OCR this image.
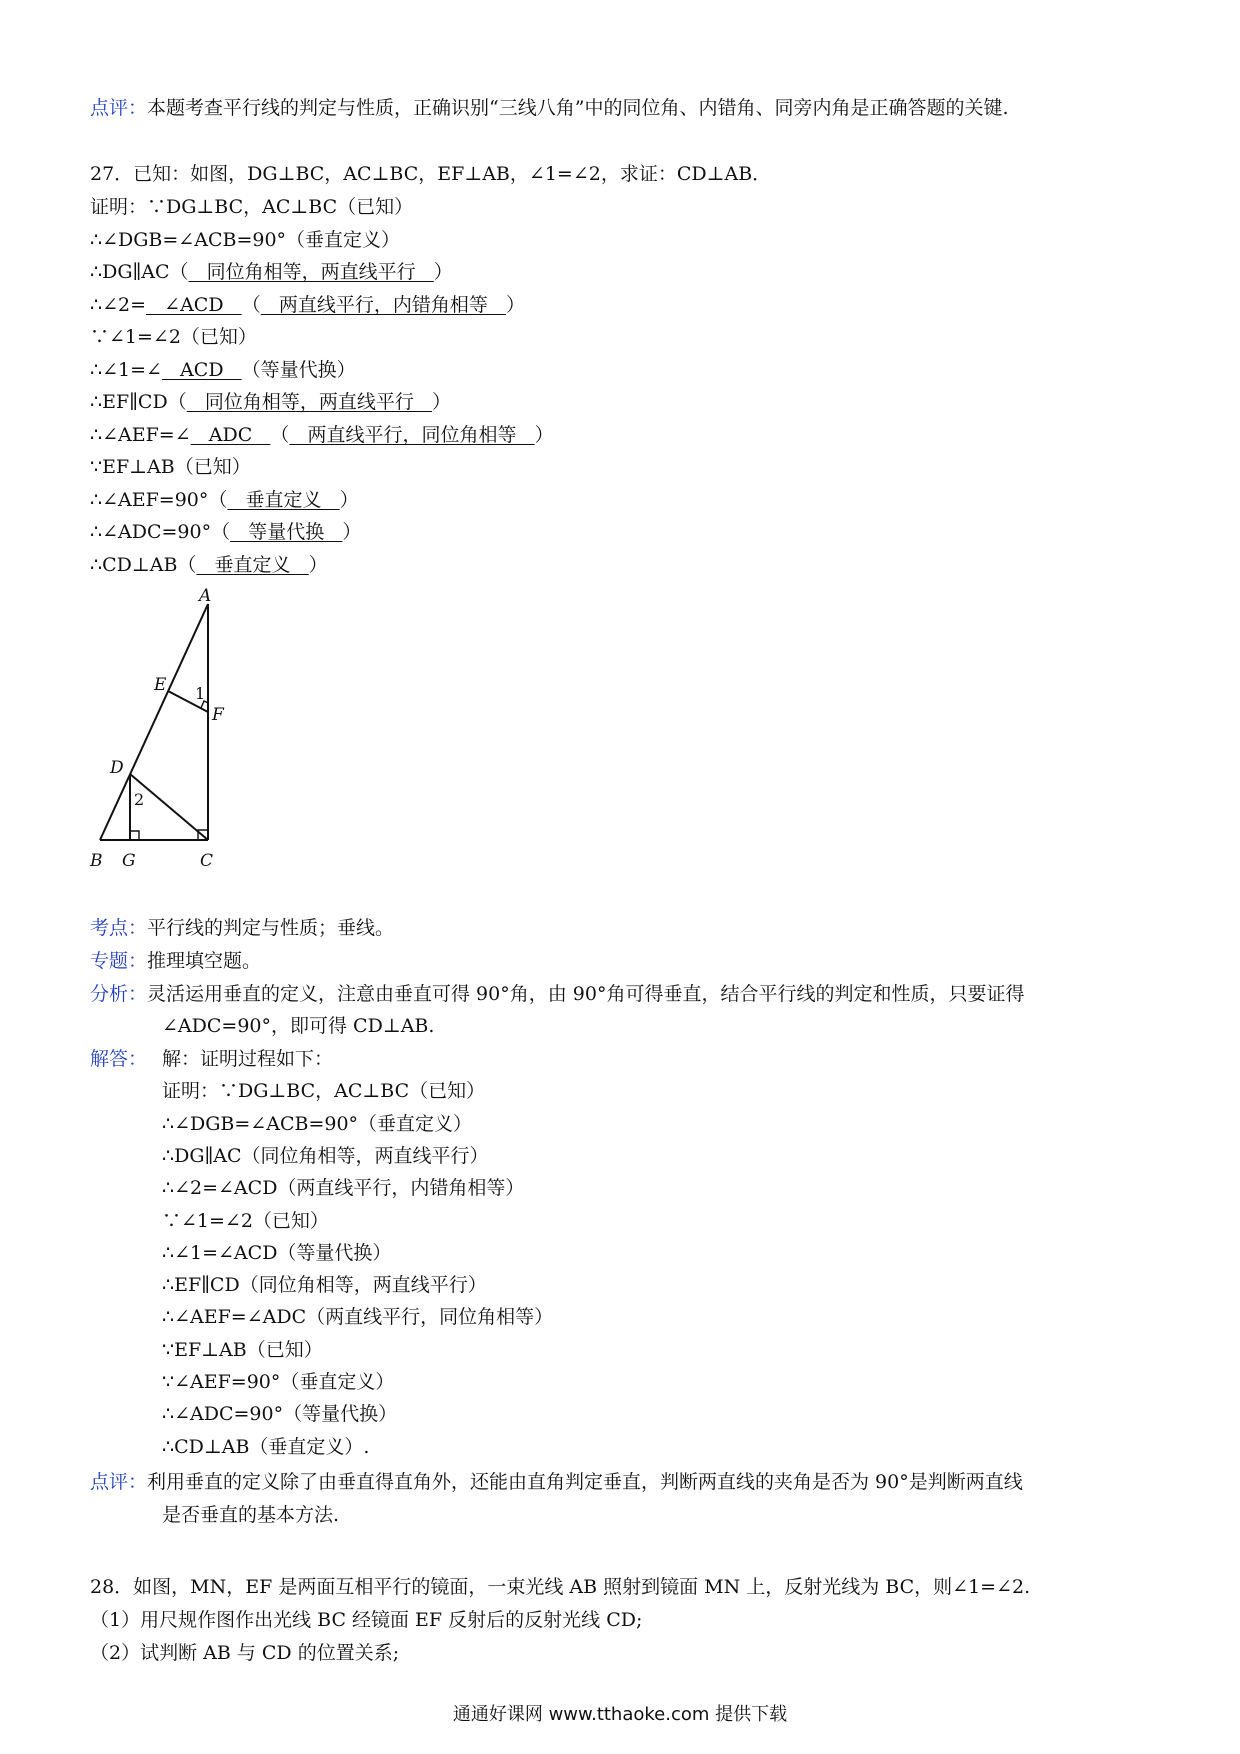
点评：本题考查平行线的判定与性质，正确识别“三线八角”中的同位角、内错角、同旁内角是正确答题的关键.
27．已知：如图，DG⊥BC，AC⊥BC，EF⊥AB，∠1=∠2，求证：CD⊥AB．
证明：∵DG⊥BC，AC⊥BC（已知）
∴∠DGB=∠ACB=90°（垂直定义）
∴DG∥AC（   同位角相等，两直线平行   ）
∴∠2=   ∠ACD   （   两直线平行，内错角相等   ）
∵∠1=∠2（已知）
∴∠1=∠   ACD   （等量代换）
∴EF∥CD（   同位角相等，两直线平行   ）
∴∠AEF=∠   ADC   （   两直线平行，同位角相等   ）
∵EF⊥AB（已知）
∴∠AEF=90°（   垂直定义   ）
∴∠ADC=90°（   等量代换   ）
∴CD⊥AB（   垂直定义   ）
A
E
F
D
B G	C
1
2
考点：平行线的判定与性质；垂线。
专题：推理填空题。
分析：灵活运用垂直的定义，注意由垂直可得 90°角，由 90°角可得垂直，结合平行线的判定和性质，只要证得
∠ADC=90°，即可得 CD⊥AB.
解答： 解：证明过程如下：
证明：∵DG⊥BC，AC⊥BC（已知）
∴∠DGB=∠ACB=90°（垂直定义）
∴DG∥AC（同位角相等，两直线平行）
∴∠2=∠ACD（两直线平行，内错角相等）
∵∠1=∠2（已知）
∴∠1=∠ACD（等量代换）
∴EF∥CD（同位角相等，两直线平行）
∴∠AEF=∠ADC（两直线平行，同位角相等）
∵EF⊥AB（已知）
∵∠AEF=90°（垂直定义）
∴∠ADC=90°（等量代换）
∴CD⊥AB（垂直定义）.
点评：利用垂直的定义除了由垂直得直角外，还能由直角判定垂直，判断两直线的夹角是否为 90°是判断两直线
是否垂直的基本方法.
28．如图，MN，EF 是两面互相平行的镜面，一束光线 AB 照射到镜面 MN 上，反射光线为 BC，则∠1=∠2.
（1）用尺规作图作出光线 BC 经镜面 EF 反射后的反射光线 CD;
（2）试判断 AB 与 CD 的位置关系;
通通好课网 www.tthaoke.com 提供下载
